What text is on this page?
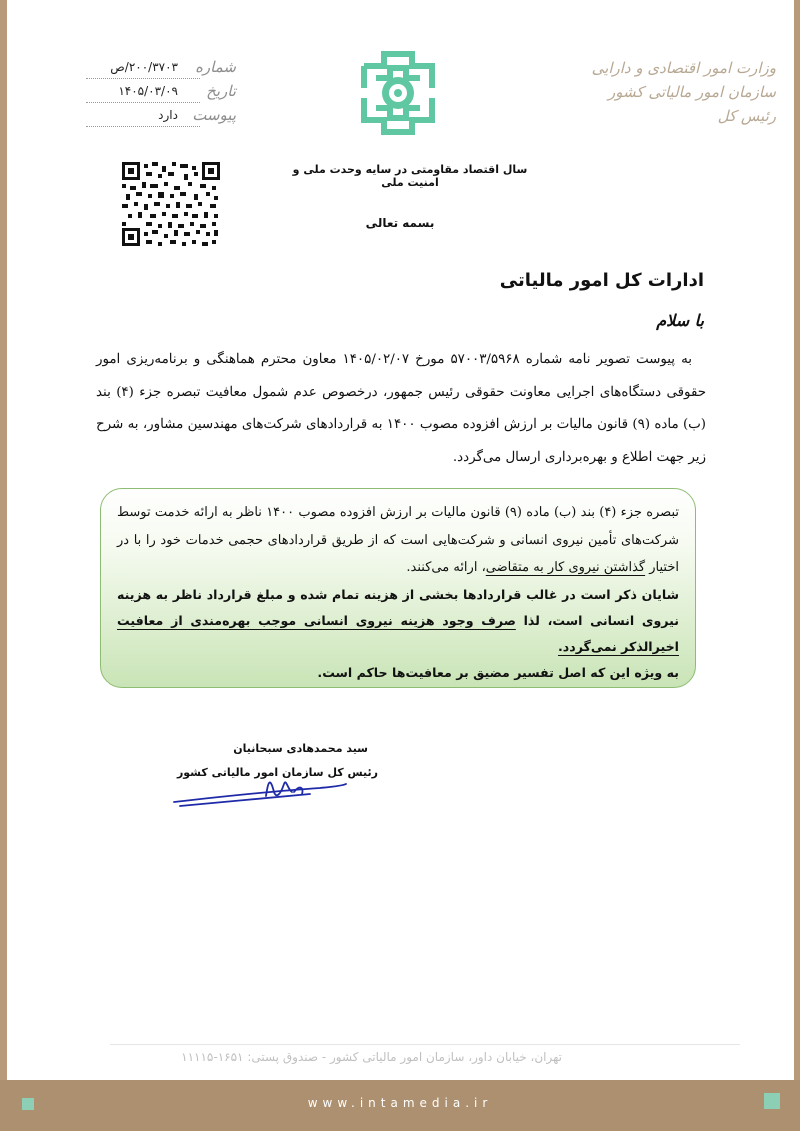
وزارت امور اقتصادی و دارایی
سازمان امور مالیاتی کشور
رئیس کل
شماره
۲۰۰/۳۷۰۳/ص
تاریخ
۱۴۰۵/۰۳/۰۹
پیوست
دارد
سال اقتصاد مقاومتی در سایه وحدت ملی و امنیت ملی
بسمه تعالی
ادارات کل امور مالیاتی
با سلام

به پیوست تصویر نامه شماره ۵۷۰۰۳/۵۹۶۸ مورخ ۱۴۰۵/۰۲/۰۷ معاون محترم هماهنگی و برنامه‌ریزی امور حقوقی دستگاه‌های اجرایی معاونت حقوقی رئیس جمهور، درخصوص عدم شمول معافیت تبصره جزء (۴) بند (ب) ماده (۹) قانون مالیات بر ارزش افزوده مصوب ۱۴۰۰ به قراردادهای شرکت‌های مهندسین مشاور، به شرح زیر جهت اطلاع و بهره‌برداری ارسال می‌گردد.

تبصره جزء (۴) بند (ب) ماده (۹) قانون مالیات بر ارزش افزوده مصوب ۱۴۰۰ ناظر به ارائه خدمت توسط شرکت‌های تأمین نیروی انسانی و شرکت‌هایی است که از طریق قراردادهای حجمی خدمات خود را با در اختیار گذاشتن نیروی کار به متقاضی، ارائه می‌کنند.

شایان ذکر است در غالب قراردادها بخشی از هزینه تمام شده و مبلغ قرارداد ناظر به هزینه نیروی انسانی است، لذا صرف وجود هزینه نیروی انسانی موجب بهره‌مندی از معافیت اخیرالذکر نمی‌گردد.

به ویژه این که اصل تفسیر مضیق بر معافیت‌ها حاکم است.

سید محمدهادی سبحانیان
رئیس کل سازمان امور مالیاتی کشور
تهران، خیابان داور، سازمان امور مالیاتی کشور - صندوق پستی: ۱۶۵۱-۱۱۱۱۵
www.intamedia.ir
